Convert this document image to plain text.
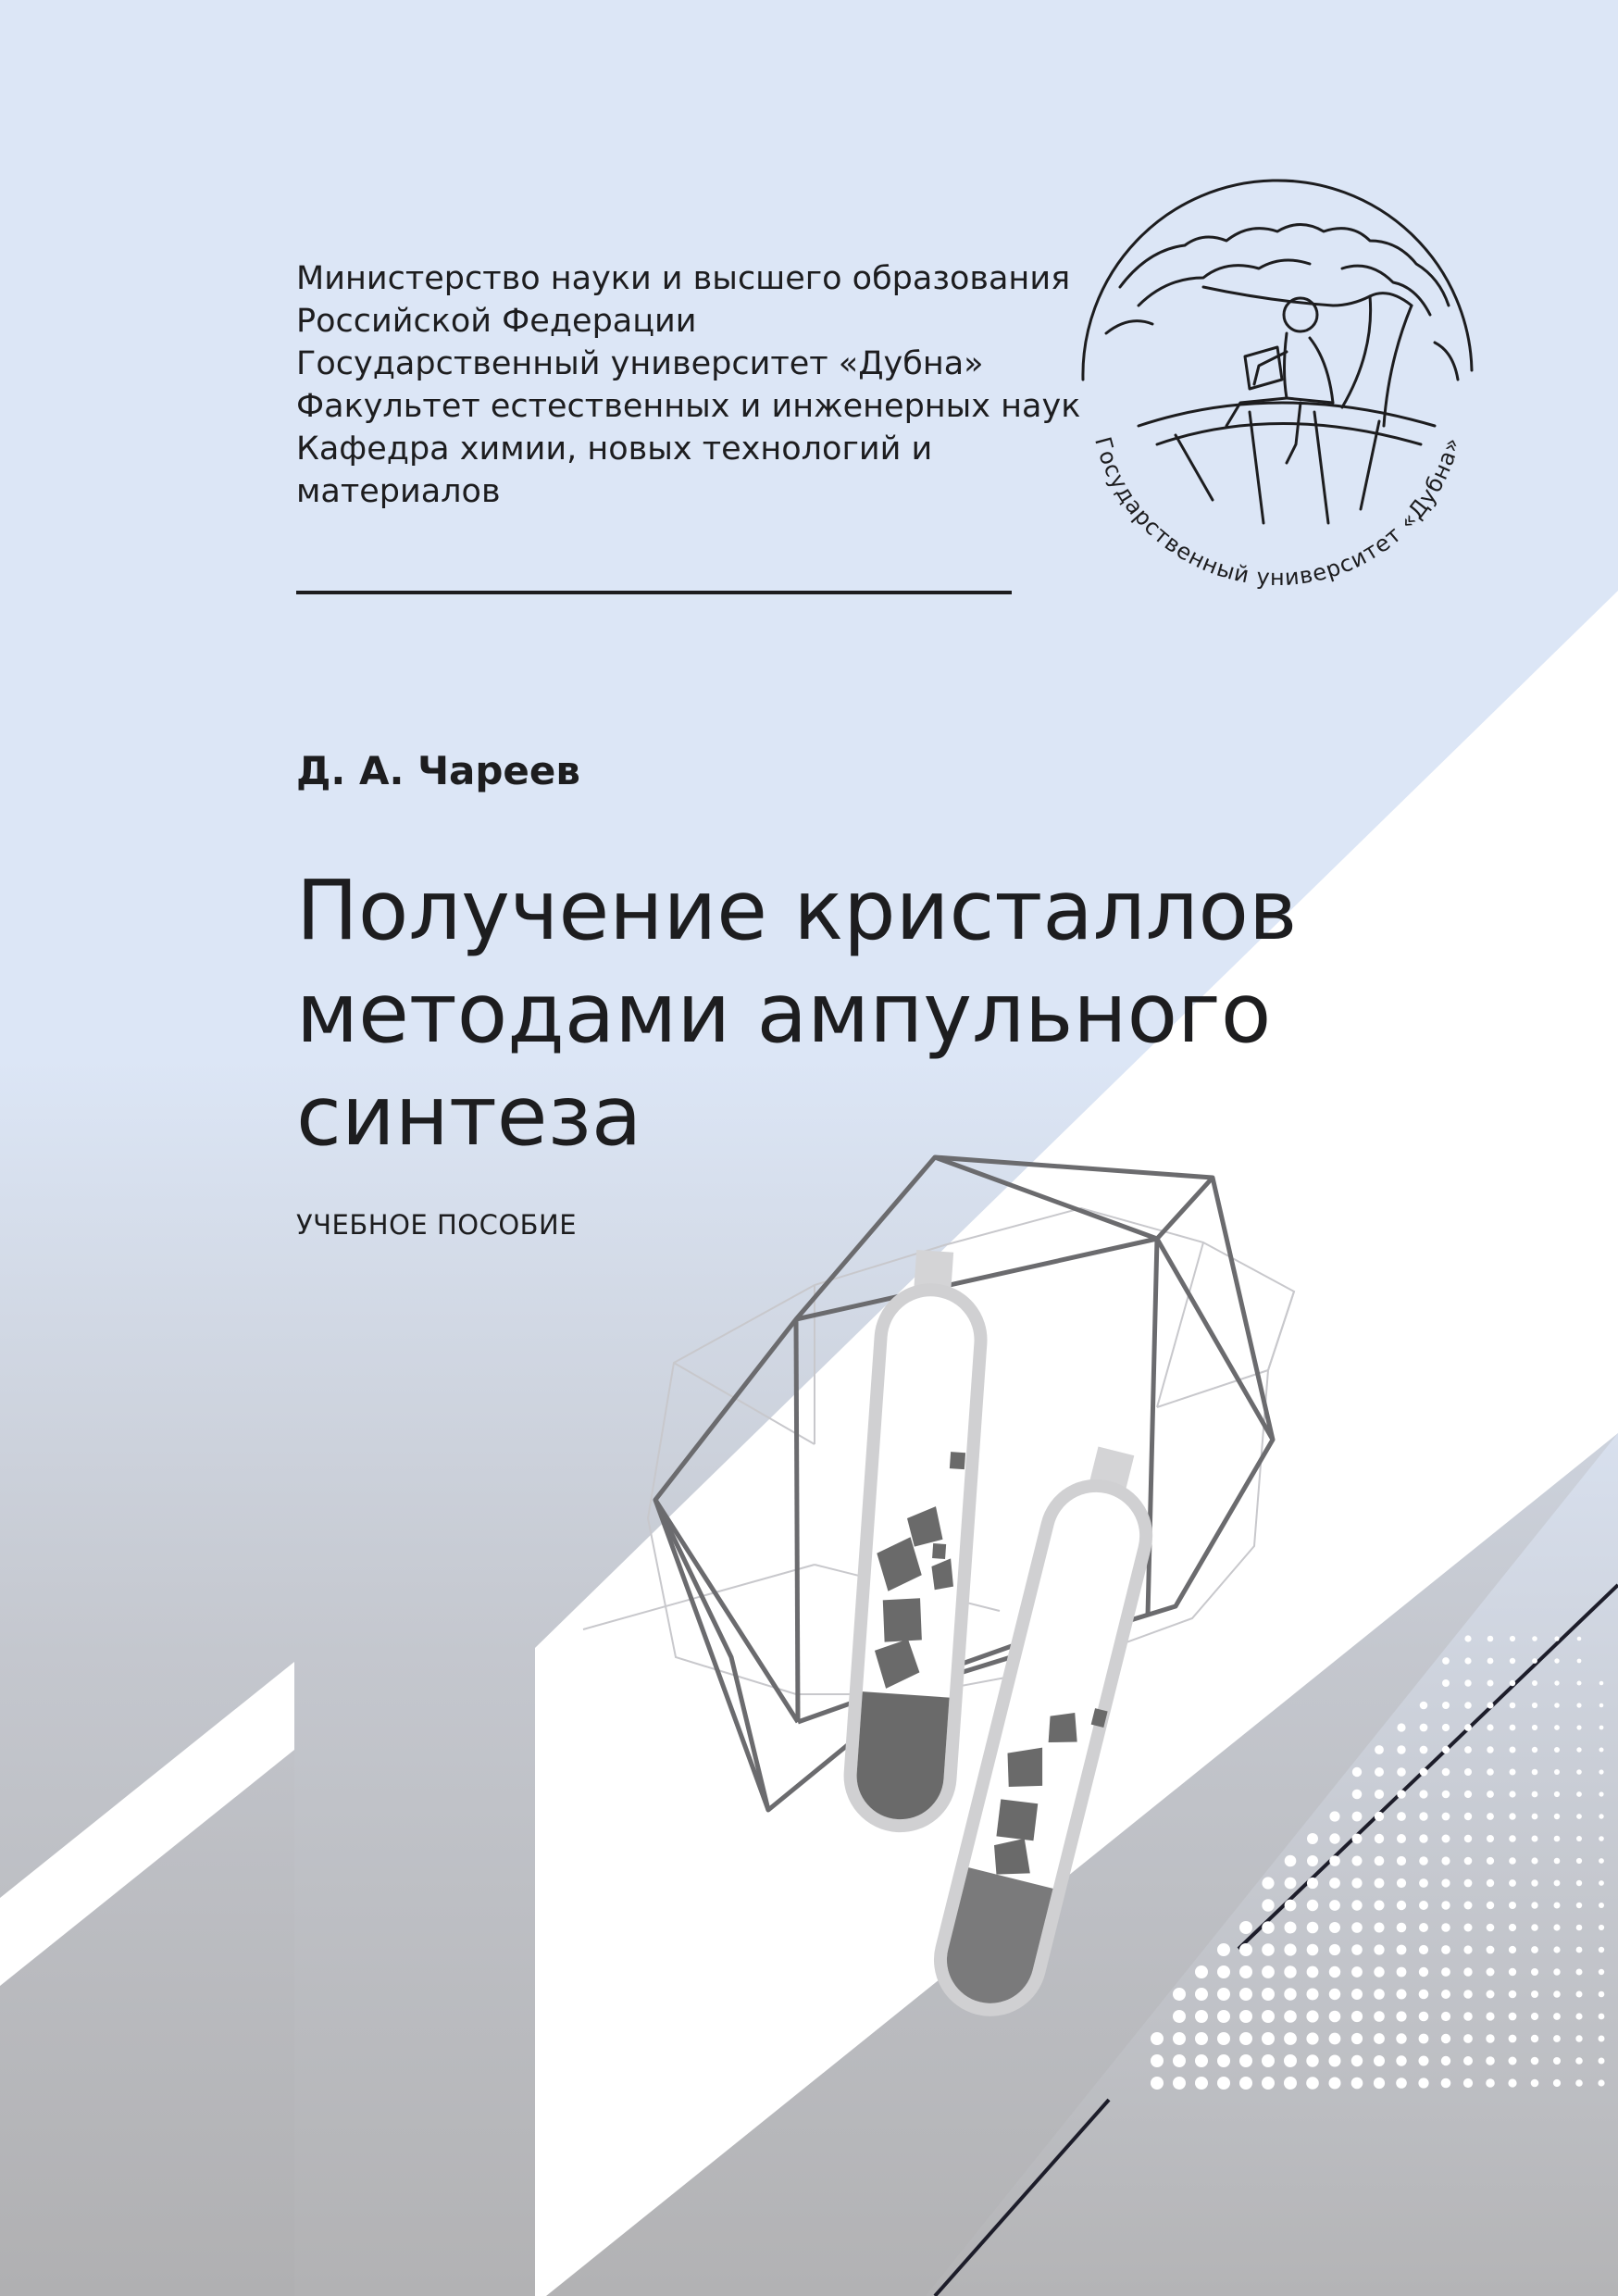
Министерство науки и высшего образования
Российской Федерации
Государственный университет «Дубна»
Факультет естественных и инженерных наук
Кафедра химии, новых технологий и
материалов
Д. А. Чареев
Получение кристаллов
методами ампульного
синтеза
УЧЕБНОЕ ПОСОБИЕ
Государственный университет «Дубна»
